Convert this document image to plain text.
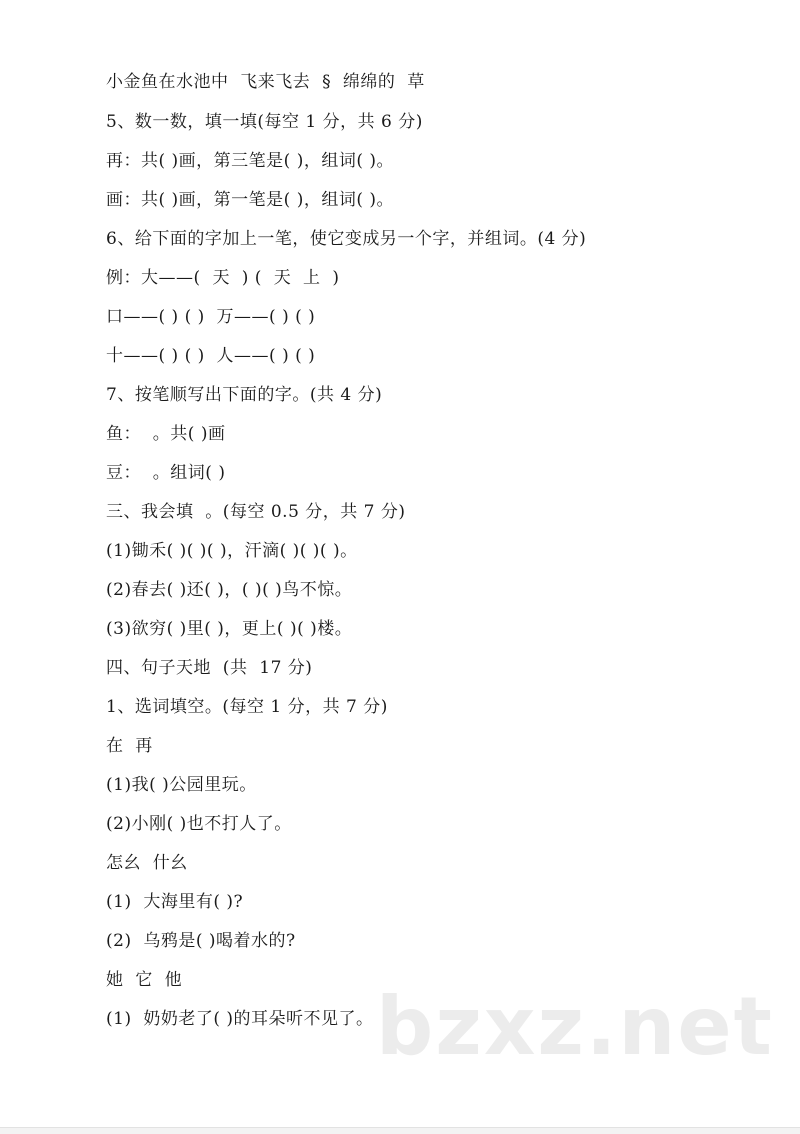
小金鱼在水池中  飞来飞去  §  绵绵的  草
5、数一数，填一填(每空 1 分，共 6 分)
再：共( )画，第三笔是( )，组词( )。
画：共( )画，第一笔是( )，组词( )。
6、给下面的字加上一笔，使它变成另一个字，并组词。(4 分)
例：大——(  天  ) (  天  上  )
口——( ) ( )  万——( ) ( )
十——( ) ( )  人——( ) ( )
7、按笔顺写出下面的字。(共 4 分)
鱼：  。共( )画
豆：  。组词( )
三、我会填  。(每空 0.5 分，共 7 分)
(1)锄禾( )( )( )，汗滴( )( )( )。
(2)春去( )还( )，( )( )鸟不惊。
(3)欲穷( )里( )，更上( )( )楼。
四、句子天地  (共  17 分)
1、选词填空。(每空 1 分，共 7 分)
在  再
(1)我( )公园里玩。
(2)小刚( )也不打人了。
怎幺  什幺
(1)  大海里有( )?
(2)  乌鸦是( )喝着水的?
她  它  他
(1)  奶奶老了( )的耳朵听不见了。 bzxz.net
